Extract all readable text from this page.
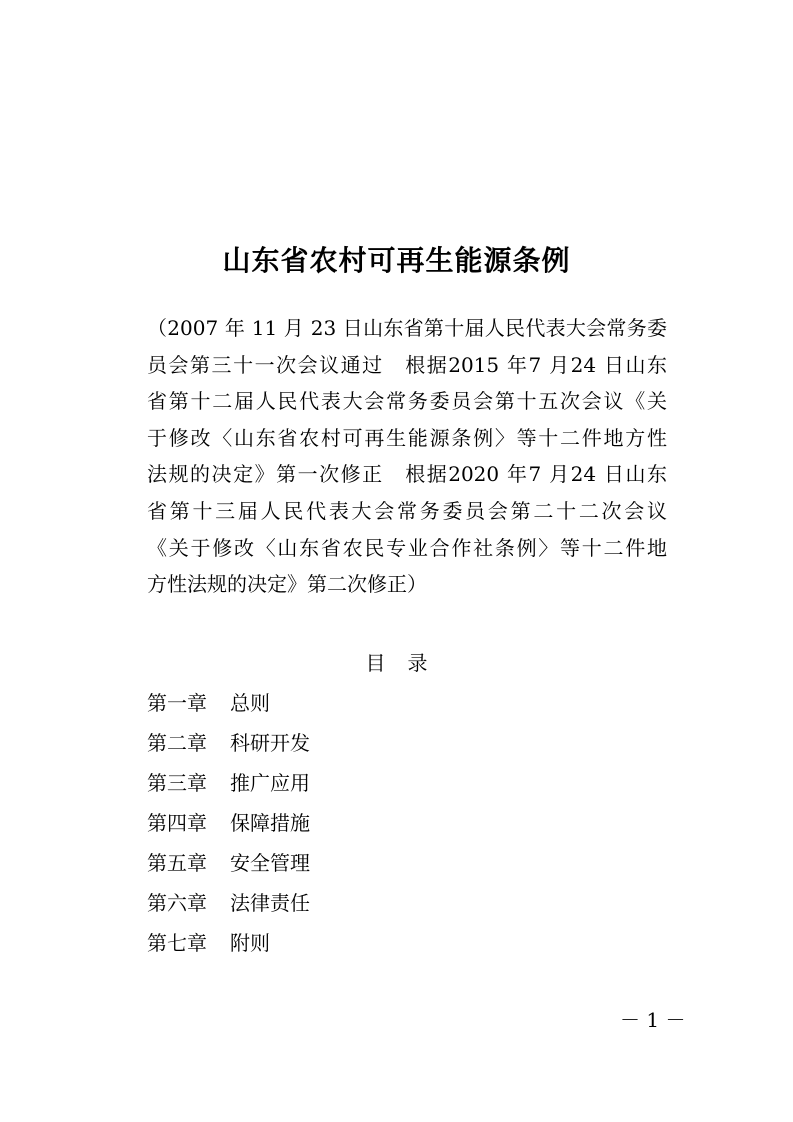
山东省农村可再生能源条例
（2007 年 11 月 23 日山东省第十届人民代表大会常务委
员会第三十一次会议通过　根据2015 年7 月24 日山东
省第十二届人民代表大会常务委员会第十五次会议《关
于修改〈山东省农村可再生能源条例〉等十二件地方性
法规的决定》第一次修正　根据2020 年7 月24 日山东
省第十三届人民代表大会常务委员会第二十二次会议
《关于修改〈山东省农民专业合作社条例〉等十二件地
方性法规的决定》第二次修正）
目 录
第一章 总则
第二章 科研开发
第三章 推广应用
第四章 保障措施
第五章 安全管理
第六章 法律责任
第七章 附则
－ 1 －
